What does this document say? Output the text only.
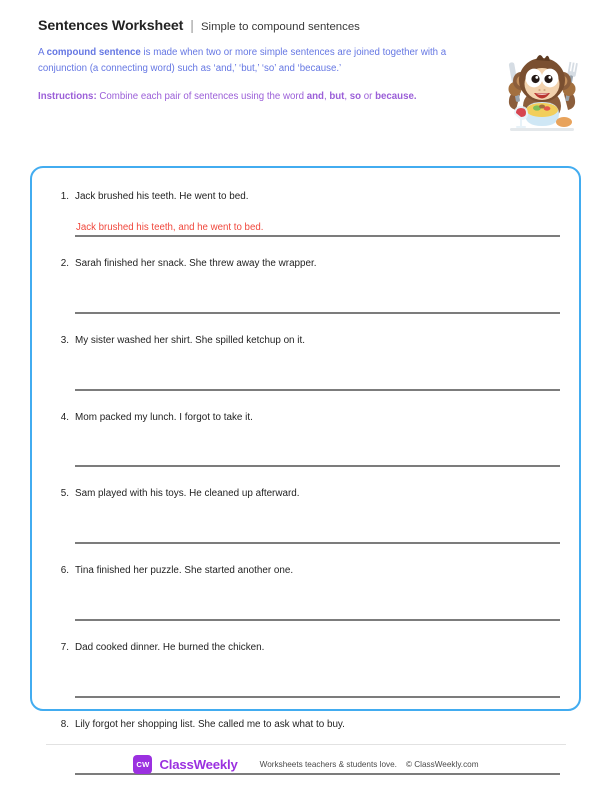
Sentences Worksheet | Simple to compound sentences

A compound sentence is made when two or more simple sentences are joined together with a conjunction (a connecting word) such as ‘and,’ ‘but,’ ‘so’ and ‘because.’

Instructions: Combine each pair of sentences using the word and, but, so or because.

1. Jack brushed his teeth. He went to bed.
Jack brushed his teeth, and he went to bed.
2. Sarah finished her snack. She threw away the wrapper.
3. My sister washed her shirt. She spilled ketchup on it.
4. Mom packed my lunch. I forgot to take it.
5. Sam played with his toys. He cleaned up afterward.
6. Tina finished her puzzle. She started another one.
7. Dad cooked dinner. He burned the chicken.
8. Lily forgot her shopping list. She called me to ask what to buy.
CW ClassWeekly	Worksheets teachers & students love. © ClassWeekly.com
